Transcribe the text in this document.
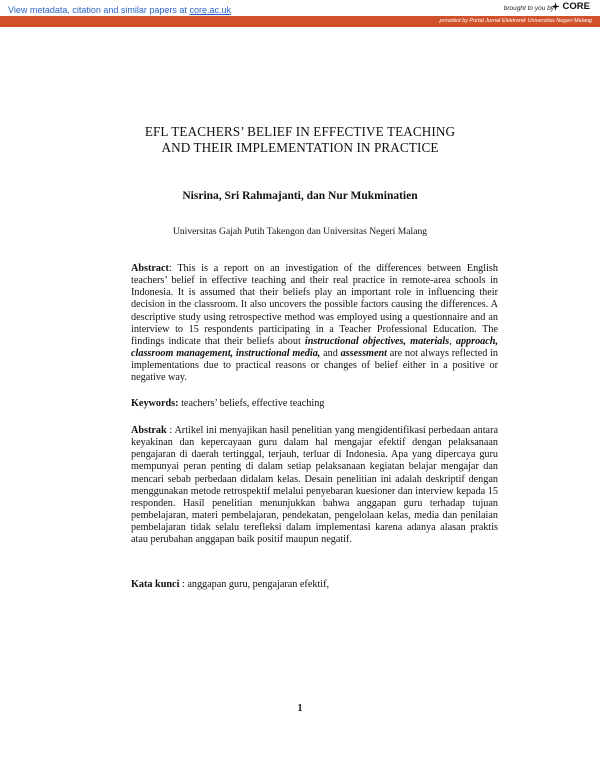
View metadata, citation and similar papers at core.ac.uk	brought to you by CORE
provided by Portal Jurnal Elektronik Universitas Negeri Malang
EFL TEACHERS’ BELIEF IN EFFECTIVE TEACHING
AND THEIR IMPLEMENTATION IN PRACTICE
Nisrina, Sri Rahmajanti, dan Nur Mukminatien
Universitas Gajah Putih Takengon dan Universitas Negeri Malang
Abstract: This is a report on an investigation of the differences between English teachers’ belief in effective teaching and their real practice in remote-area schools in Indonesia. It is assumed that their beliefs play an important role in influencing their decision in the classroom. It also uncovers the possible factors causing the differences. A descriptive study using retrospective method was employed using a questionnaire and an interview to 15 respondents participating in a Teacher Professional Education. The findings indicate that their beliefs about instructional objectives, materials, approach, classroom management, instructional media, and assessment are not always reflected in implementations due to practical reasons or changes of belief either in a positive or negative way.
Keywords: teachers’ beliefs, effective teaching
Abstrak : Artikel ini menyajikan hasil penelitian yang mengidentifikasi perbedaan antara keyakinan dan kepercayaan guru dalam hal mengajar efektif dengan pelaksanaan pengajaran di daerah tertinggal, terjauh, terluar di Indonesia. Apa yang dipercaya guru mempunyai peran penting di dalam setiap pelaksanaan kegiatan belajar mengajar dan mencari sebab perbedaan didalam kelas. Desain penelitian ini adalah deskriptif dengan menggunakan metode retrospektif melalui penyebaran kuesioner dan interview kepada 15 responden. Hasil penelitian menunjukkan bahwa anggapan guru terhadap tujuan pembelajaran, materi pembelajaran, pendekatan, pengelolaan kelas, media dan penilaian pembelajaran tidak selalu terefleksi dalam implementasi karena adanya alasan praktis atau perubahan anggapan baik positif maupun negatif.
Kata kunci : anggapan guru, pengajaran efektif,
1
